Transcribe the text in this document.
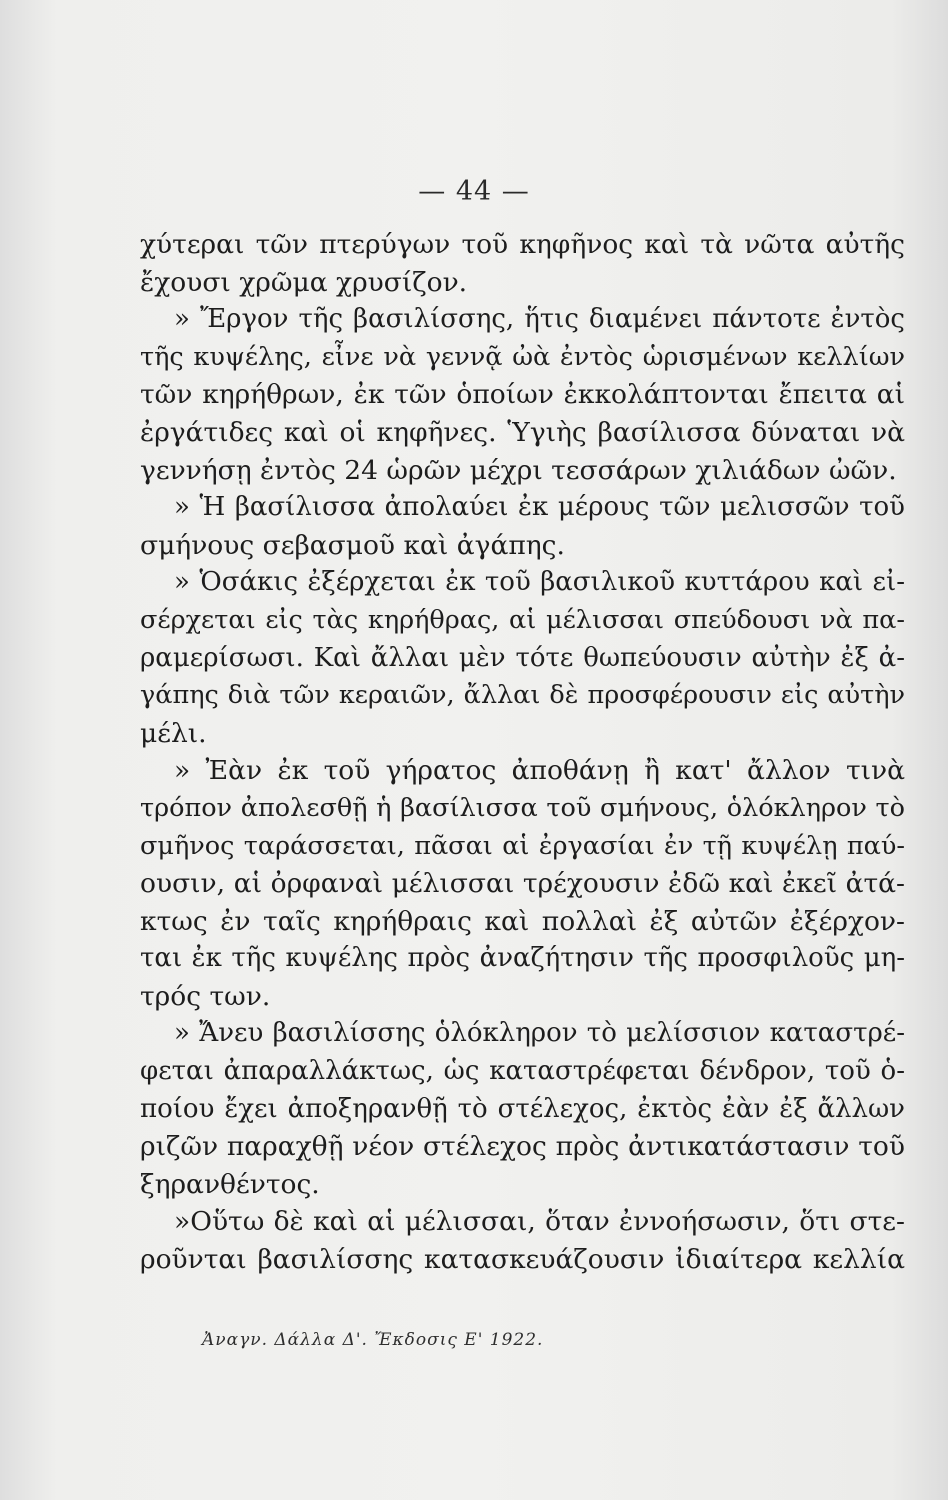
— 44 —
χύτεραι τῶν πτερύγων τοῦ κηφῆνος καὶ τὰ νῶτα αὐτῆς
ἔχουσι χρῶμα χρυσίζον.
» Ἔργον τῆς βασιλίσσης, ἥτις διαμένει πάντοτε ἐντὸς
τῆς κυψέλης, εἶνε νὰ γεννᾷ ὠὰ ἐντὸς ὡρισμένων κελλίων
τῶν κηρήθρων, ἐκ τῶν ὁποίων ἐκκολάπτονται ἔπειτα αἱ
ἐργάτιδες καὶ οἱ κηφῆνες. Ὑγιὴς βασίλισσα δύναται νὰ
γεννήσῃ ἐντὸς 24 ὡρῶν μέχρι τεσσάρων χιλιάδων ὠῶν.
» Ἡ βασίλισσα ἀπολαύει ἐκ μέρους τῶν μελισσῶν τοῦ
σμήνους σεβασμοῦ καὶ ἀγάπης.
» Ὁσάκις ἐξέρχεται ἐκ τοῦ βασιλικοῦ κυττάρου καὶ εἰ-
σέρχεται εἰς τὰς κηρήθρας, αἱ μέλισσαι σπεύδουσι νὰ πα-
ραμερίσωσι. Καὶ ἄλλαι μὲν τότε θωπεύουσιν αὐτὴν ἐξ ἀ-
γάπης διὰ τῶν κεραιῶν, ἄλλαι δὲ προσφέρουσιν εἰς αὐτὴν
μέλι.
» Ἐὰν ἐκ τοῦ γήρατος ἀποθάνῃ ἢ κατ' ἄλλον τινὰ
τρόπον ἀπολεσθῇ ἡ βασίλισσα τοῦ σμήνους, ὁλόκληρον τὸ
σμῆνος ταράσσεται, πᾶσαι αἱ ἐργασίαι ἐν τῇ κυψέλῃ παύ-
ουσιν, αἱ ὀρφαναὶ μέλισσαι τρέχουσιν ἐδῶ καὶ ἐκεῖ ἀτά-
κτως ἐν ταῖς κηρήθραις καὶ πολλαὶ ἐξ αὐτῶν ἐξέρχον-
ται ἐκ τῆς κυψέλης πρὸς ἀναζήτησιν τῆς προσφιλοῦς μη-
τρός των.
» Ἄνευ βασιλίσσης ὁλόκληρον τὸ μελίσσιον καταστρέ-
φεται ἀπαραλλάκτως, ὡς καταστρέφεται δένδρον, τοῦ ὁ-
ποίου ἔχει ἀποξηρανθῇ τὸ στέλεχος, ἐκτὸς ἐὰν ἐξ ἄλλων
ριζῶν παραχθῇ νέον στέλεχος πρὸς ἀντικατάστασιν τοῦ
ξηρανθέντος.
»Οὕτω δὲ καὶ αἱ μέλισσαι, ὅταν ἐννοήσωσιν, ὅτι στε-
ροῦνται βασιλίσσης κατασκευάζουσιν ἰδιαίτερα κελλία
Ἀναγν. Δάλλα Δ'. Ἔκδοσις Ε' 1922.
